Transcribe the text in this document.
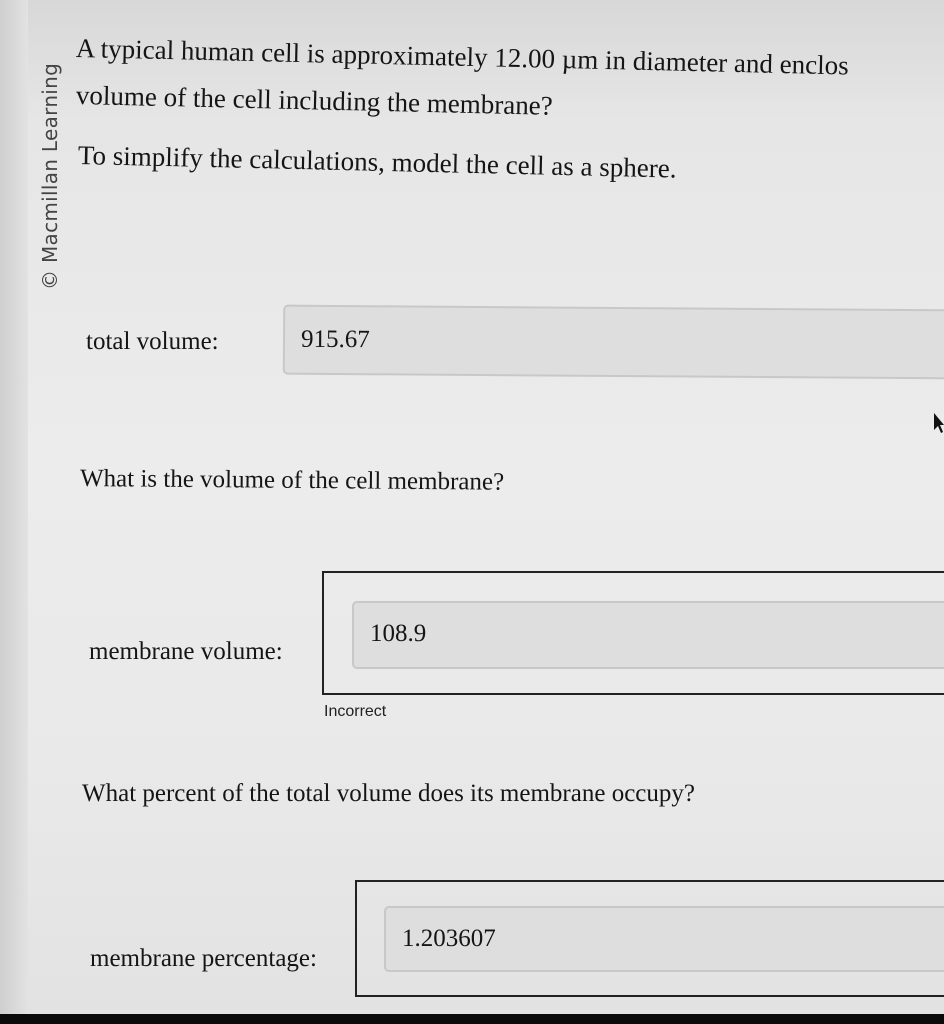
© Macmillan Learning
A typical human cell is approximately 12.00 µm in diameter and enclos
volume of the cell including the membrane?
To simplify the calculations, model the cell as a sphere.
total volume:	915.67
What is the volume of the cell membrane?
membrane volume:
108.9
Incorrect
What percent of the total volume does its membrane occupy?
membrane percentage:
1.203607
